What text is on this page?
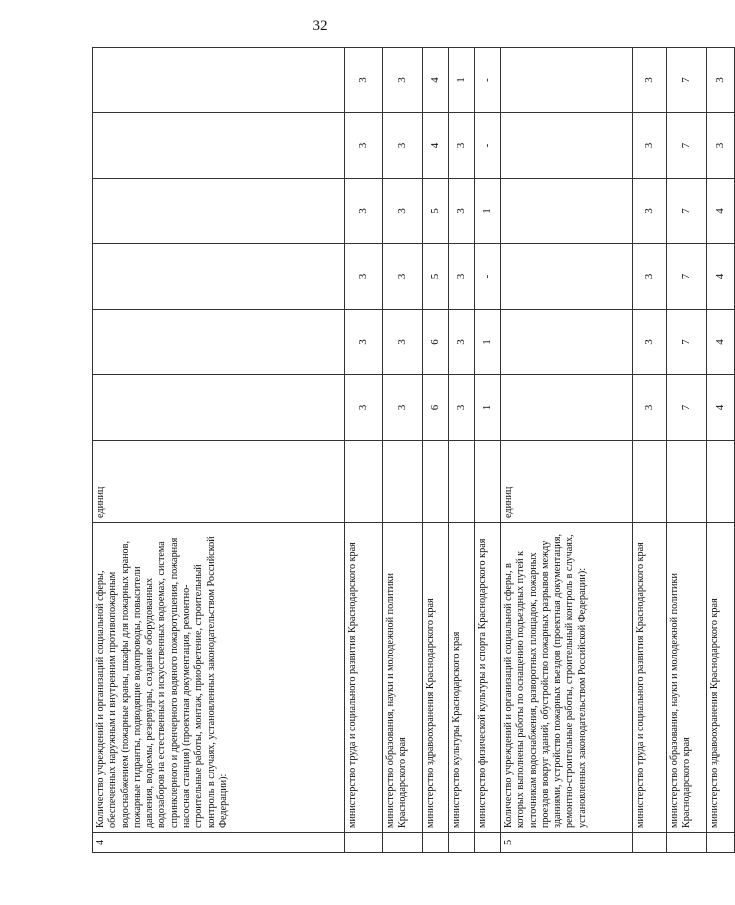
32
4	Количество учреждений и организаций социальной сферы, обеспеченных наружным и внутренним противопожарным водоснабжением (пожарные краны, шкафы для пожарных кранов, пожарные гидранты, подводящие водопроводы, повысители давления, водоемы, резервуары, создание оборудованных водозаборов на естественных и искусственных водоемах, система спринклерного и дренчерного водяного пожаротушения, пожарная насосная станция) (проектная документация, ремонтно-строительные работы, монтаж, приобретение, строительный контроль в случаях, установленных законодательством Российской Федерации):	единиц						
	министерство труда и социального развития Краснодарского края		3	3	3	3	3	3
	министерство образования, науки и молодежной политики Краснодарского края		3	3	3	3	3	3
	министерство здравоохранения Краснодарского края		6	6	5	5	4	4
	министерство культуры Краснодарского края		3	3	3	3	3	1
	министерство физической культуры и спорта Краснодарского края		1	1	-	1	-	-
5	Количество учреждений и организаций социальной сферы, в которых выполнены работы по оснащению подъездных путей к источникам водоснабжения, разворотных площадок, пожарных проездов вокруг зданий, обустройство пожарных разрывов между зданиями, устройство пожарных въездов (проектная документация, ремонтно-строительные работы, строительный контроль в случаях, установленных законодательством Российской Федерации):	единиц						
	министерство труда и социального развития Краснодарского края		3	3	3	3	3	3
	министерство образования, науки и молодежной политики Краснодарского края		7	7	7	7	7	7
	министерство здравоохранения Краснодарского края		4	4	4	4	3	3
